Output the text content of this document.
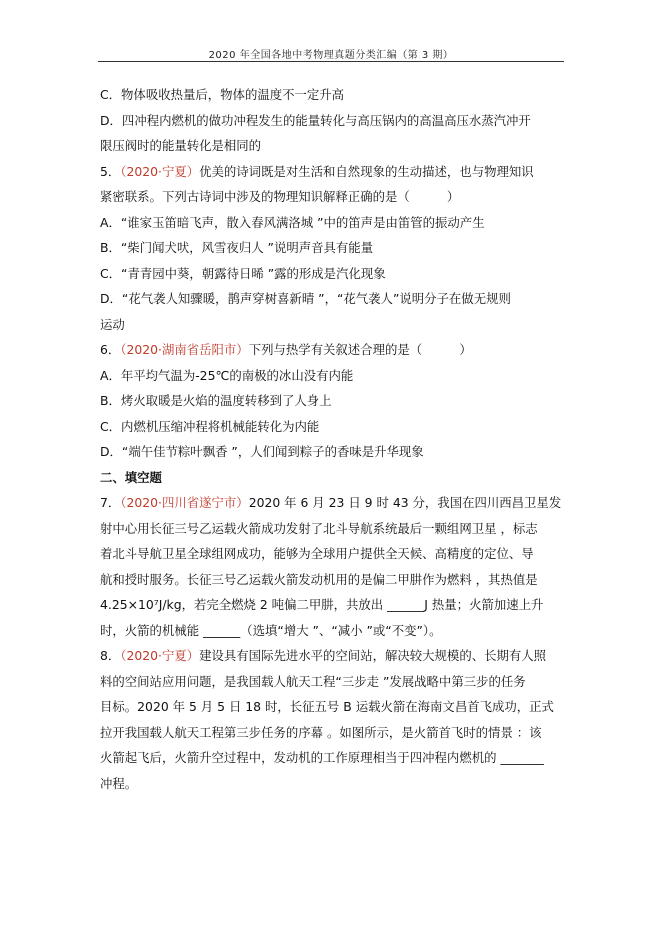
2020 年全国各地中考物理真题分类汇编（第 3 期）
C．物体吸收热量后，物体的温度不一定升高
D．四冲程内燃机的做功冲程发生的能量转化与高压锅内的高温高压水蒸汽冲开
限压阀时的能量转化是相同的
5．（2020·宁夏）优美的诗词既是对生活和自然现象的生动描述，也与物理知识
紧密联系。下列古诗词中涉及的物理知识解释正确的是（　　　）
A．“谁家玉笛暗飞声，散入春风满洛城 ”中的笛声是由笛管的振动产生
B．“柴门闻犬吠，风雪夜归人 ”说明声音具有能量
C．“青青园中葵，朝露待日晞 ”露的形成是汽化现象
D．“花气袭人知骤暖，鹊声穿树喜新晴 ”，“花气袭人”说明分子在做无规则
运动
6．（2020·湖南省岳阳市）下列与热学有关叙述合理的是（　　　）
A．年平均气温为-25℃的南极的冰山没有内能
B．烤火取暖是火焰的温度转移到了人身上
C．内燃机压缩冲程将机械能转化为内能
D．“端午佳节粽叶飘香 ”，人们闻到粽子的香味是升华现象
二、填空题
7．（2020·四川省遂宁市）2020 年 6 月 23 日 9 时 43 分，我国在四川西昌卫星发
射中心用长征三号乙运载火箭成功发射了北斗导航系统最后一颗组网卫星 ，标志
着北斗导航卫星全球组网成功，能够为全球用户提供全天候、高精度的定位、导
航和授时服务。长征三号乙运载火箭发动机用的是偏二甲肼作为燃料 ，其热值是
4.25×10⁷J/kg，若完全燃烧 2 吨偏二甲肼，共放出 ______J 热量；火箭加速上升
时，火箭的机械能 ______（选填“增大 ”、“减小 ”或“不变”）。
8．（2020·宁夏）建设具有国际先进水平的空间站，解决较大规模的、长期有人照
料的空间站应用问题，是我国载人航天工程“三步走 ”发展战略中第三步的任务
目标。2020 年 5 月 5 日 18 时，长征五号 B 运载火箭在海南文昌首飞成功，正式
拉开我国载人航天工程第三步任务的序幕 。如图所示，是火箭首飞时的情景 ：该
火箭起飞后，火箭升空过程中，发动机的工作原理相当于四冲程内燃机的 _______
冲程。
